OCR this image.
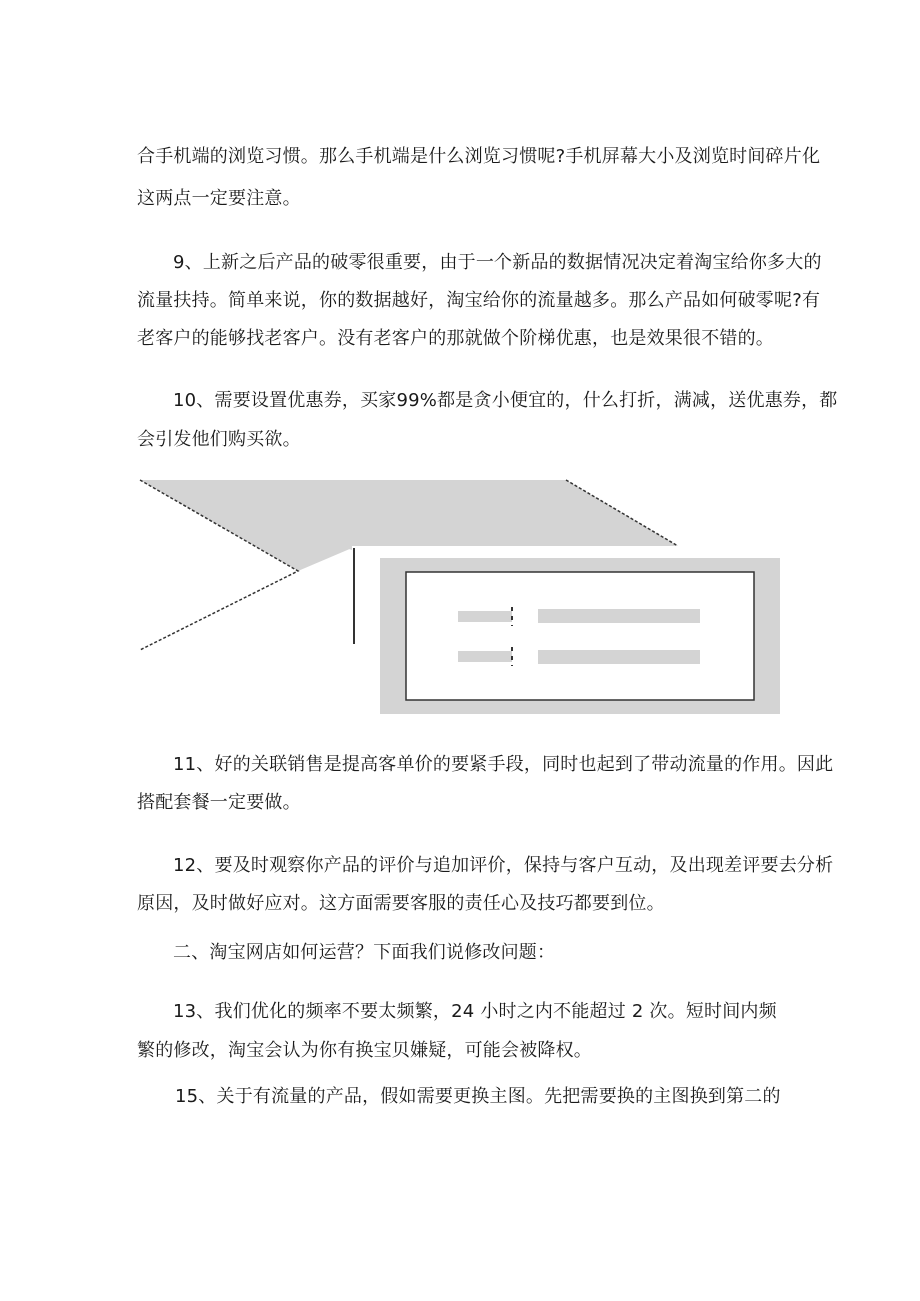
合手机端的浏览习惯。那么手机端是什么浏览习惯呢?手机屏幕大小及浏览时间碎片化
这两点一定要注意。
9、上新之后产品的破零很重要，由于一个新品的数据情况决定着淘宝给你多大的
流量扶持。简单来说，你的数据越好，淘宝给你的流量越多。那么产品如何破零呢?有
老客户的能够找老客户。没有老客户的那就做个阶梯优惠，也是效果很不错的。
10、需要设置优惠券，买家99%都是贪小便宜的，什么打折，满减，送优惠券，都
会引发他们购买欲。
11、好的关联销售是提高客单价的要紧手段，同时也起到了带动流量的作用。因此
搭配套餐一定要做。
12、要及时观察你产品的评价与追加评价，保持与客户互动，及出现差评要去分析
原因，及时做好应对。这方面需要客服的责任心及技巧都要到位。
二、淘宝网店如何运营？下面我们说修改问题：
13、我们优化的频率不要太频繁，24 小时之内不能超过 2 次。短时间内频
繁的修改，淘宝会认为你有换宝贝嫌疑，可能会被降权。
15、关于有流量的产品，假如需要更换主图。先把需要换的主图换到第二的
